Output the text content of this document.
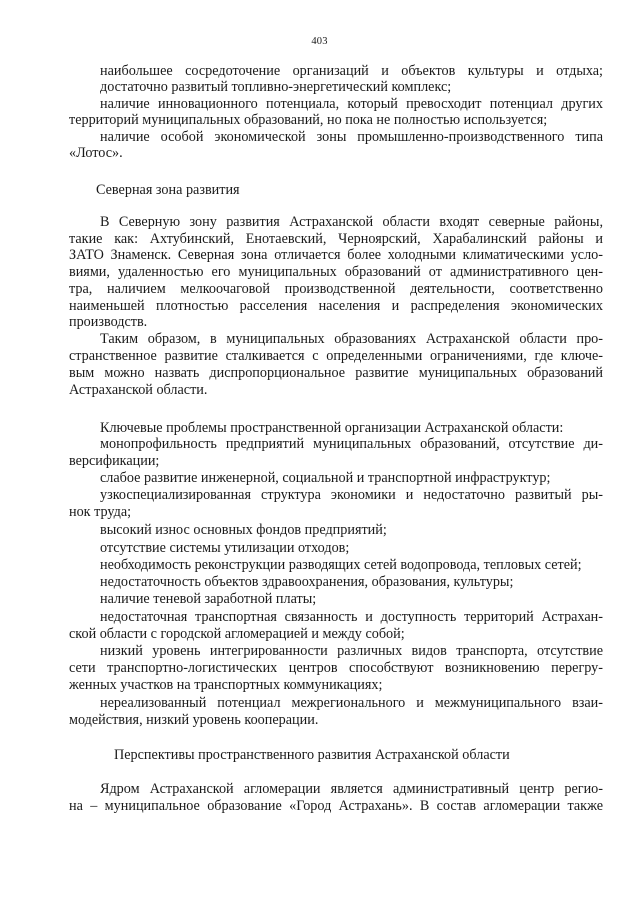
403
наибольшее сосредоточение организаций и объектов культуры и отдыха;
достаточно развитый топливно-энергетический комплекс;
наличие инновационного потенциала, который превосходит потенциал других
территорий муниципальных образований, но пока не полностью используется;
наличие особой экономической зоны промышленно-производственного типа
«Лотос».
Северная зона развития
В Северную зону развития Астраханской области входят северные районы,
такие как: Ахтубинский, Енотаевский, Черноярский, Харабалинский районы и
ЗАТО Знаменск. Северная зона отличается более холодными климатическими усло-
виями, удаленностью его муниципальных образований от административного цен-
тра, наличием мелкоочаговой производственной деятельности, соответственно
наименьшей плотностью расселения населения и распределения экономических
производств.
Таким образом, в муниципальных образованиях Астраханской области про-
странственное развитие сталкивается с определенными ограничениями, где ключе-
вым можно назвать диспропорциональное развитие муниципальных образований
Астраханской области.
Ключевые проблемы пространственной организации Астраханской области:
монопрофильность предприятий муниципальных образований, отсутствие ди-
версификации;
слабое развитие инженерной, социальной и транспортной инфраструктур;
узкоспециализированная структура экономики и недостаточно развитый ры-
нок труда;
высокий износ основных фондов предприятий;
отсутствие системы утилизации отходов;
необходимость реконструкции разводящих сетей водопровода, тепловых сетей;
недостаточность объектов здравоохранения, образования, культуры;
наличие теневой заработной платы;
недостаточная транспортная связанность и доступность территорий Астрахан-
ской области с городской агломерацией и между собой;
низкий уровень интегрированности различных видов транспорта, отсутствие
сети транспортно-логистических центров способствуют возникновению перегру-
женных участков на транспортных коммуникациях;
нереализованный потенциал межрегионального и межмуниципального взаи-
модействия, низкий уровень кооперации.
Перспективы пространственного развития Астраханской области
Ядром Астраханской агломерации является административный центр регио-
на – муниципальное образование «Город Астрахань». В состав агломерации также
